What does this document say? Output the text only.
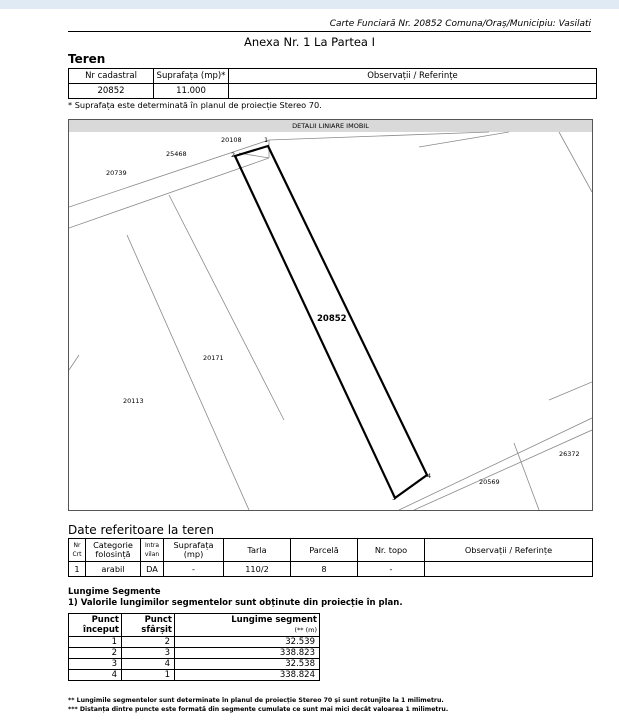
Carte Funciară Nr. 20852 Comuna/Oraș/Municipiu: Vasilati
Anexa Nr. 1 La Partea I
Teren
Nr cadastral	Suprafața (mp)*	Observații / Referințe
20852	11.000	
* Suprafața este determinată în planul de proiecție Stereo 70.
DETALII LINIARE IMOBIL
20108
25468
20739
20852
20171
20113
26372
20569
1
2
3
4
Date referitoare la teren
Nr Crt	Categorie folosință	Intra vilan	Suprafața (mp)	Tarla	Parcelă	Nr. topo	Observații / Referințe
1	arabil	DA	-	110/2	8	-	
Lungime Segmente
1) Valorile lungimilor segmentelor sunt obținute din proiecție în plan.
Punct început	Punct sfârșit	Lungime segment
(** (m)
1	2	32.539
2	3	338.823
3	4	32.538
4	1	338.824
** Lungimile segmentelor sunt determinate în planul de proiecție Stereo 70 și sunt rotunjite la 1 milimetru.
*** Distanța dintre puncte este formată din segmente cumulate ce sunt mai mici decât valoarea 1 milimetru.
